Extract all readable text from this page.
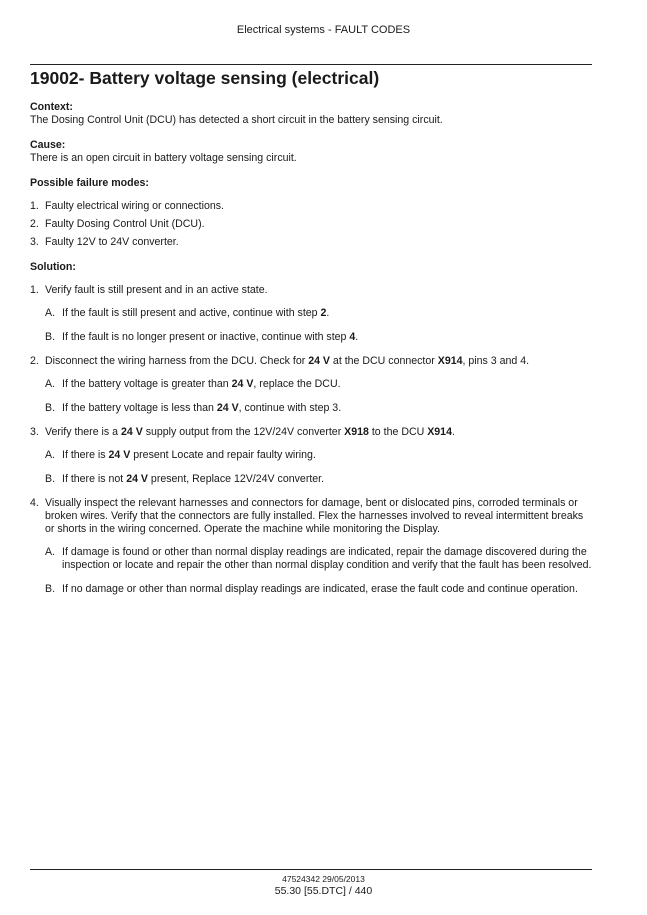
Electrical systems - FAULT CODES
19002- Battery voltage sensing (electrical)
Context:
The Dosing Control Unit (DCU) has detected a short circuit in the battery sensing circuit.
Cause:
There is an open circuit in battery voltage sensing circuit.
Possible failure modes:
1. Faulty electrical wiring or connections.
2. Faulty Dosing Control Unit (DCU).
3. Faulty 12V to 24V converter.
Solution:
1. Verify fault is still present and in an active state.
A. If the fault is still present and active, continue with step 2.
B. If the fault is no longer present or inactive, continue with step 4.
2. Disconnect the wiring harness from the DCU. Check for 24 V at the DCU connector X914, pins 3 and 4.
A. If the battery voltage is greater than 24 V, replace the DCU.
B. If the battery voltage is less than 24 V, continue with step 3.
3. Verify there is a 24 V supply output from the 12V/24V converter X918 to the DCU X914.
A. If there is 24 V present Locate and repair faulty wiring.
B. If there is not 24 V present, Replace 12V/24V converter.
4. Visually inspect the relevant harnesses and connectors for damage, bent or dislocated pins, corroded terminals or broken wires. Verify that the connectors are fully installed. Flex the harnesses involved to reveal intermittent breaks or shorts in the wiring concerned. Operate the machine while monitoring the Display.
A. If damage is found or other than normal display readings are indicated, repair the damage discovered during the inspection or locate and repair the other than normal display condition and verify that the fault has been resolved.
B. If no damage or other than normal display readings are indicated, erase the fault code and continue operation.
47524342 29/05/2013
55.30 [55.DTC] / 440
